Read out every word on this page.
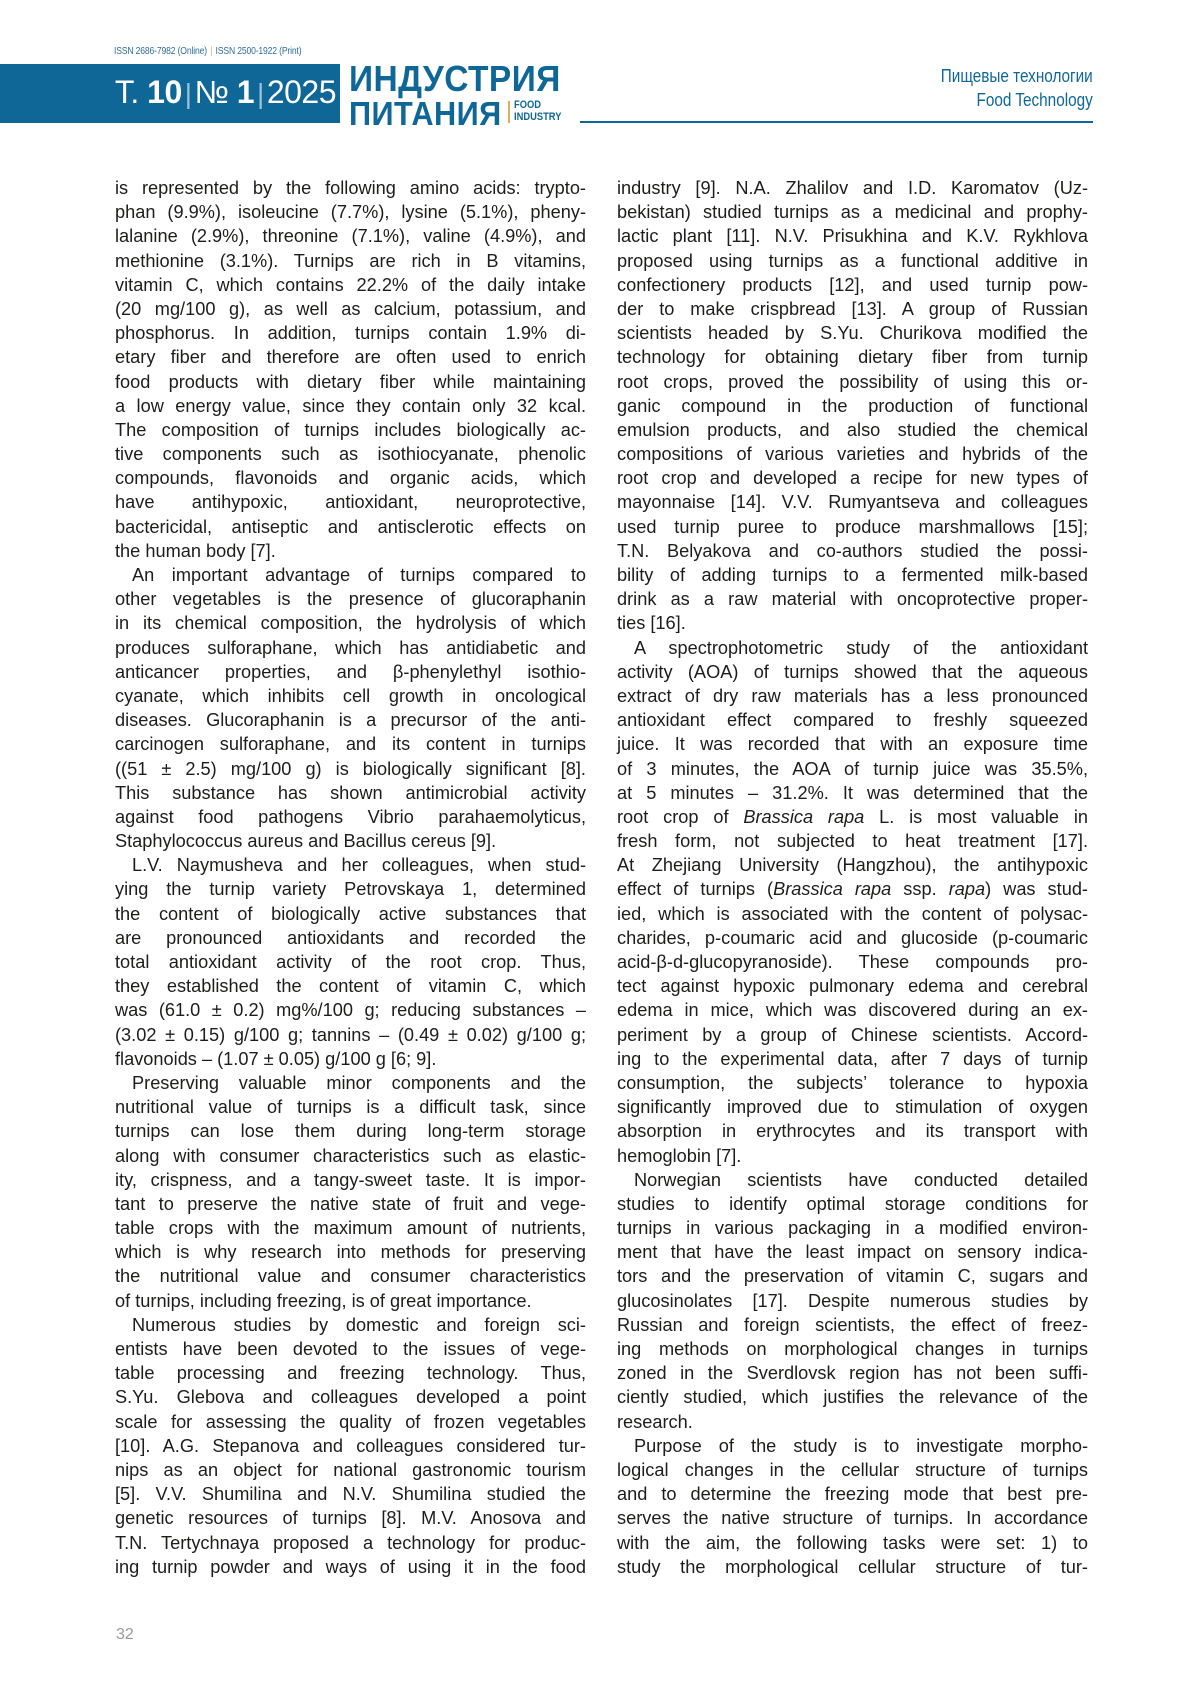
ISSN 2686-7982 (Online) | ISSN 2500-1922 (Print)
Т. 10 |№ 1 |2025 ИНДУСТРИЯ
ПИТАНИЯ FOOD
INDUSTRY
Пищевые технологии
Food Technology
is represented by the following amino acids: trypto-
phan (9.9%), isoleucine (7.7%), lysine (5.1%), pheny-
lalanine (2.9%), threonine (7.1%), valine (4.9%), and
methionine (3.1%). Turnips are rich in B vitamins,
vitamin C, which contains 22.2% of the daily intake
(20 mg/100 g), as well as calcium, potassium, and
phosphorus. In addition, turnips contain 1.9% di-
etary fiber and therefore are often used to enrich
food products with dietary fiber while maintaining
a low energy value, since they contain only 32 kcal.
The composition of turnips includes biologically ac-
tive components such as isothiocyanate, phenolic
compounds, flavonoids and organic acids, which
have antihypoxic, antioxidant, neuroprotective,
bactericidal, antiseptic and antisclerotic effects on
the human body [7].
An important advantage of turnips compared to
other vegetables is the presence of glucoraphanin
in its chemical composition, the hydrolysis of which
produces sulforaphane, which has antidiabetic and
anticancer properties, and β-phenylethyl isothio-
cyanate, which inhibits cell growth in oncological
diseases. Glucoraphanin is a precursor of the anti-
carcinogen sulforaphane, and its content in turnips
((51 ± 2.5) mg/100 g) is biologically significant [8].
This substance has shown antimicrobial activity
against food pathogens Vibrio parahaemolyticus,
Staphylococcus aureus and Bacillus cereus [9].
L.V. Naymusheva and her colleagues, when stud-
ying the turnip variety Petrovskaya 1, determined
the content of biologically active substances that
are pronounced antioxidants and recorded the
total antioxidant activity of the root crop. Thus,
they established the content of vitamin C, which
was (61.0 ± 0.2) mg%/100 g; reducing substances –
(3.02 ± 0.15) g/100 g; tannins – (0.49 ± 0.02) g/100 g;
flavonoids – (1.07 ± 0.05) g/100 g [6; 9].
Preserving valuable minor components and the
nutritional value of turnips is a difficult task, since
turnips can lose them during long-term storage
along with consumer characteristics such as elastic-
ity, crispness, and a tangy-sweet taste. It is impor-
tant to preserve the native state of fruit and vege-
table crops with the maximum amount of nutrients,
which is why research into methods for preserving
the nutritional value and consumer characteristics
of turnips, including freezing, is of great importance.
Numerous studies by domestic and foreign sci-
entists have been devoted to the issues of vege-
table processing and freezing technology. Thus,
S.Yu. Glebova and colleagues developed a point
scale for assessing the quality of frozen vegetables
[10]. A.G. Stepanova and colleagues considered tur-
nips as an object for national gastronomic tourism
[5]. V.V. Shumilina and N.V. Shumilina studied the
genetic resources of turnips [8]. M.V. Anosova and
T.N. Tertychnaya proposed a technology for produc-
ing turnip powder and ways of using it in the food
industry [9]. N.A. Zhalilov and I.D. Karomatov (Uz-
bekistan) studied turnips as a medicinal and prophy-
lactic plant [11]. N.V. Prisukhina and K.V. Rykhlova
proposed using turnips as a functional additive in
confectionery products [12], and used turnip pow-
der to make crispbread [13]. A group of Russian
scientists headed by S.Yu. Churikova modified the
technology for obtaining dietary fiber from turnip
root crops, proved the possibility of using this or-
ganic compound in the production of functional
emulsion products, and also studied the chemical
compositions of various varieties and hybrids of the
root crop and developed a recipe for new types of
mayonnaise [14]. V.V. Rumyantseva and colleagues
used turnip puree to produce marshmallows [15];
T.N. Belyakova and co-authors studied the possi-
bility of adding turnips to a fermented milk-based
drink as a raw material with oncoprotective proper-
ties [16].
A spectrophotometric study of the antioxidant
activity (AOA) of turnips showed that the aqueous
extract of dry raw materials has a less pronounced
antioxidant effect compared to freshly squeezed
juice. It was recorded that with an exposure time
of 3 minutes, the AOA of turnip juice was 35.5%,
at 5 minutes – 31.2%. It was determined that the
root crop of Brassica rapa L. is most valuable in
fresh form, not subjected to heat treatment [17].
At Zhejiang University (Hangzhou), the antihypoxic
effect of turnips (Brassica rapa ssp. rapa) was stud-
ied, which is associated with the content of polysac-
charides, p-coumaric acid and glucoside (p-coumaric
acid-β-d-glucopyranoside). These compounds pro-
tect against hypoxic pulmonary edema and cerebral
edema in mice, which was discovered during an ex-
periment by a group of Chinese scientists. Accord-
ing to the experimental data, after 7 days of turnip
consumption, the subjects’ tolerance to hypoxia
significantly improved due to stimulation of oxygen
absorption in erythrocytes and its transport with
hemoglobin [7].
Norwegian scientists have conducted detailed
studies to identify optimal storage conditions for
turnips in various packaging in a modified environ-
ment that have the least impact on sensory indica-
tors and the preservation of vitamin C, sugars and
glucosinolates [17]. Despite numerous studies by
Russian and foreign scientists, the effect of freez-
ing methods on morphological changes in turnips
zoned in the Sverdlovsk region has not been suffi-
ciently studied, which justifies the relevance of the
research.
Purpose of the study is to investigate morpho-
logical changes in the cellular structure of turnips
and to determine the freezing mode that best pre-
serves the native structure of turnips. In accordance
with the aim, the following tasks were set: 1) to
study the morphological cellular structure of tur-
32
